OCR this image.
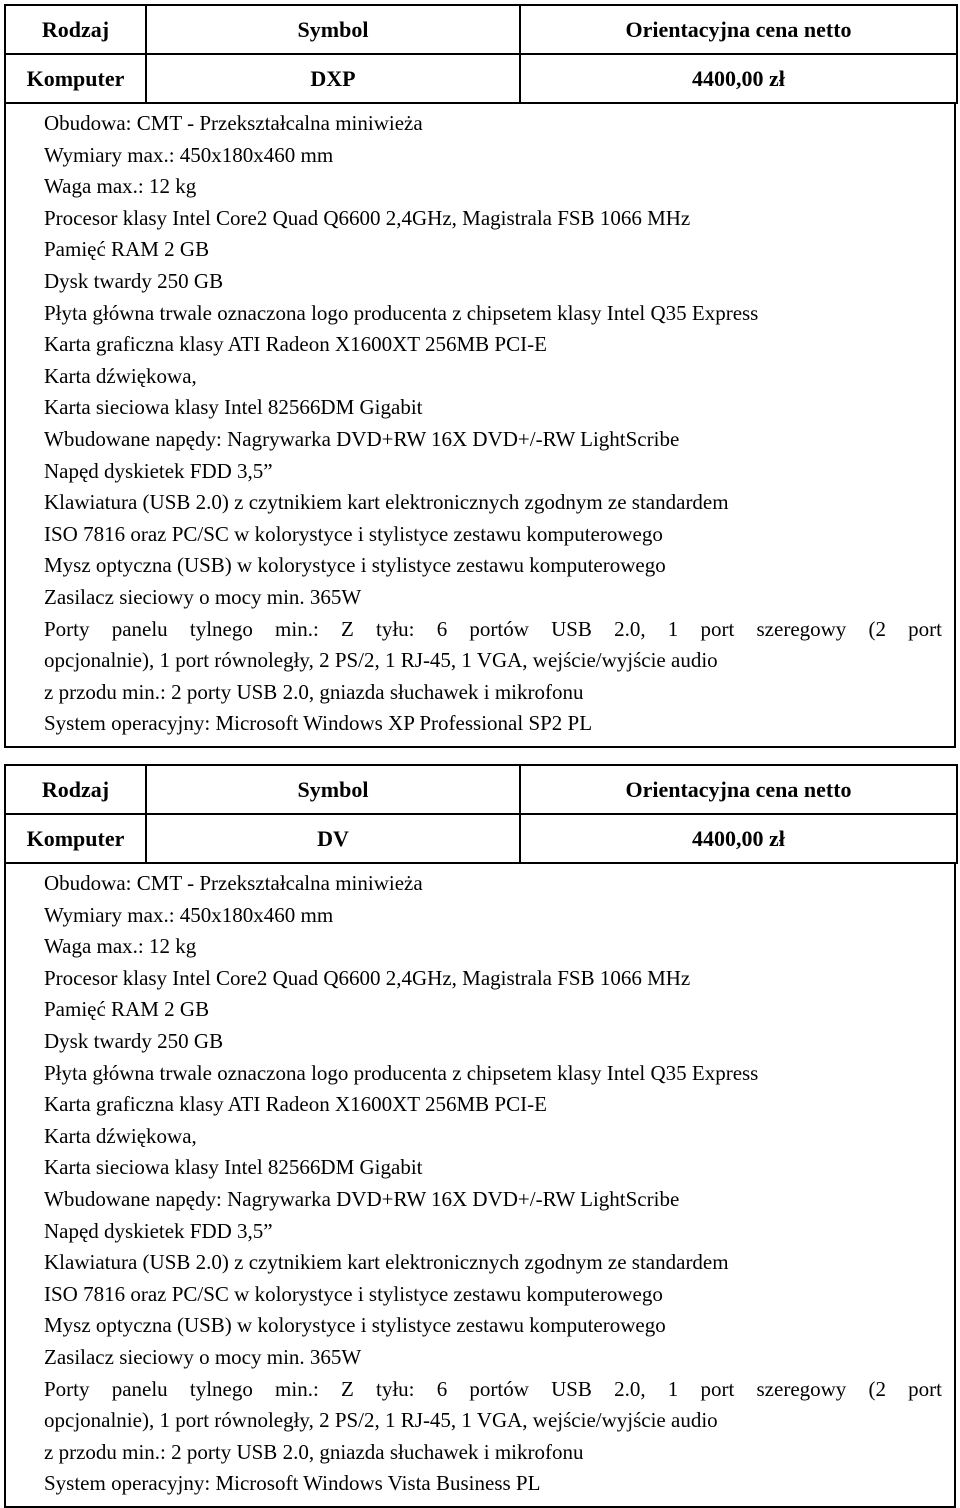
Rodzaj	Symbol	Orientacyjna cena netto
Komputer	DXP	4400,00 zł
Obudowa: CMT - Przekształcalna miniwieża
Wymiary max.: 450x180x460 mm
Waga max.: 12 kg
Procesor klasy Intel Core2 Quad Q6600 2,4GHz, Magistrala FSB 1066 MHz
Pamięć RAM 2 GB
Dysk twardy 250 GB
Płyta główna trwale oznaczona logo producenta z chipsetem klasy Intel Q35 Express
Karta graficzna klasy ATI Radeon X1600XT 256MB PCI-E
Karta dźwiękowa,
Karta sieciowa klasy Intel 82566DM Gigabit
Wbudowane napędy: Nagrywarka DVD+RW 16X DVD+/-RW LightScribe
Napęd dyskietek FDD 3,5”
Klawiatura (USB 2.0) z czytnikiem kart elektronicznych zgodnym ze standardem
ISO 7816 oraz PC/SC w kolorystyce i stylistyce zestawu komputerowego
Mysz optyczna (USB) w kolorystyce i stylistyce zestawu komputerowego
Zasilacz sieciowy o mocy min. 365W
Porty panelu tylnego min.: Z tyłu: 6 portów USB 2.0, 1 port szeregowy (2 port
opcjonalnie), 1 port równoległy, 2 PS/2, 1 RJ-45, 1 VGA, wejście/wyjście audio
z przodu min.: 2 porty USB 2.0, gniazda słuchawek i mikrofonu
System operacyjny: Microsoft Windows XP Professional SP2 PL
Rodzaj	Symbol	Orientacyjna cena netto
Komputer	DV	4400,00 zł
Obudowa: CMT - Przekształcalna miniwieża
Wymiary max.: 450x180x460 mm
Waga max.: 12 kg
Procesor klasy Intel Core2 Quad Q6600 2,4GHz, Magistrala FSB 1066 MHz
Pamięć RAM 2 GB
Dysk twardy 250 GB
Płyta główna trwale oznaczona logo producenta z chipsetem klasy Intel Q35 Express
Karta graficzna klasy ATI Radeon X1600XT 256MB PCI-E
Karta dźwiękowa,
Karta sieciowa klasy Intel 82566DM Gigabit
Wbudowane napędy: Nagrywarka DVD+RW 16X DVD+/-RW LightScribe
Napęd dyskietek FDD 3,5”
Klawiatura (USB 2.0) z czytnikiem kart elektronicznych zgodnym ze standardem
ISO 7816 oraz PC/SC w kolorystyce i stylistyce zestawu komputerowego
Mysz optyczna (USB) w kolorystyce i stylistyce zestawu komputerowego
Zasilacz sieciowy o mocy min. 365W
Porty panelu tylnego min.: Z tyłu: 6 portów USB 2.0, 1 port szeregowy (2 port
opcjonalnie), 1 port równoległy, 2 PS/2, 1 RJ-45, 1 VGA, wejście/wyjście audio
z przodu min.: 2 porty USB 2.0, gniazda słuchawek i mikrofonu
System operacyjny: Microsoft Windows Vista Business PL
